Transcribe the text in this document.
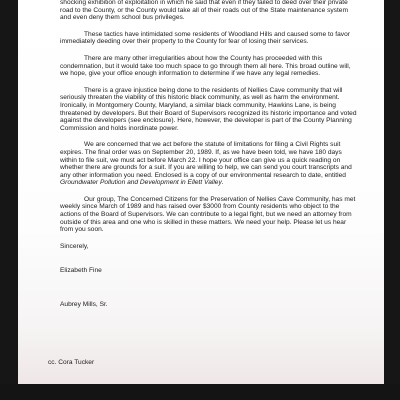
shocking exhibition of exploitation in which he said that even if they failed to deed over their private road to the County, or the County would take all of their roads out of the State maintenance system and even deny them school bus privileges.

These tactics have intimidated some residents of Woodland Hills and caused some to favor immediately deeding over their property to the County for fear of losing their services.

There are many other irregularities about how the County has proceeded with this condemnation, but it would take too much space to go through them all here. This broad outline will, we hope, give your office enough information to determine if we have any legal remedies.

There is a grave injustice being done to the residents of Nellies Cave community that will seriously threaten the viability of this historic black community, as well as harm the environment. Ironically, in Montgomery County, Maryland, a similar black community, Hawkins Lane, is being threatened by developers. But their Board of Supervisors recognized its historic importance and voted against the developers (see enclosure). Here, however, the developer is part of the County Planning Commission and holds inordinate power.

We are concerned that we act before the statute of limitations for filing a Civil Rights suit expires. The final order was on September 20, 1989. If, as we have been told, we have 180 days within to file suit, we must act before March 22. I hope your office can give us a quick reading on whether there are grounds for a suit. If you are willing to help, we can send you court transcripts and any other information you need. Enclosed is a copy of our environmental research to date, entitled Groundwater Pollution and Development in Ellett Valley.

Our group, The Concerned Citizens for the Preservation of Nellies Cave Community, has met weekly since March of 1989 and has raised over $3000 from County residents who object to the actions of the Board of Supervisors. We can contribute to a legal fight, but we need an attorney from outside of this area and one who is skilled in these matters. We need your help. Please let us hear from you soon.

Sincerely,

Elizabeth Fine

Aubrey Mills, Sr.

cc. Cora Tucker
